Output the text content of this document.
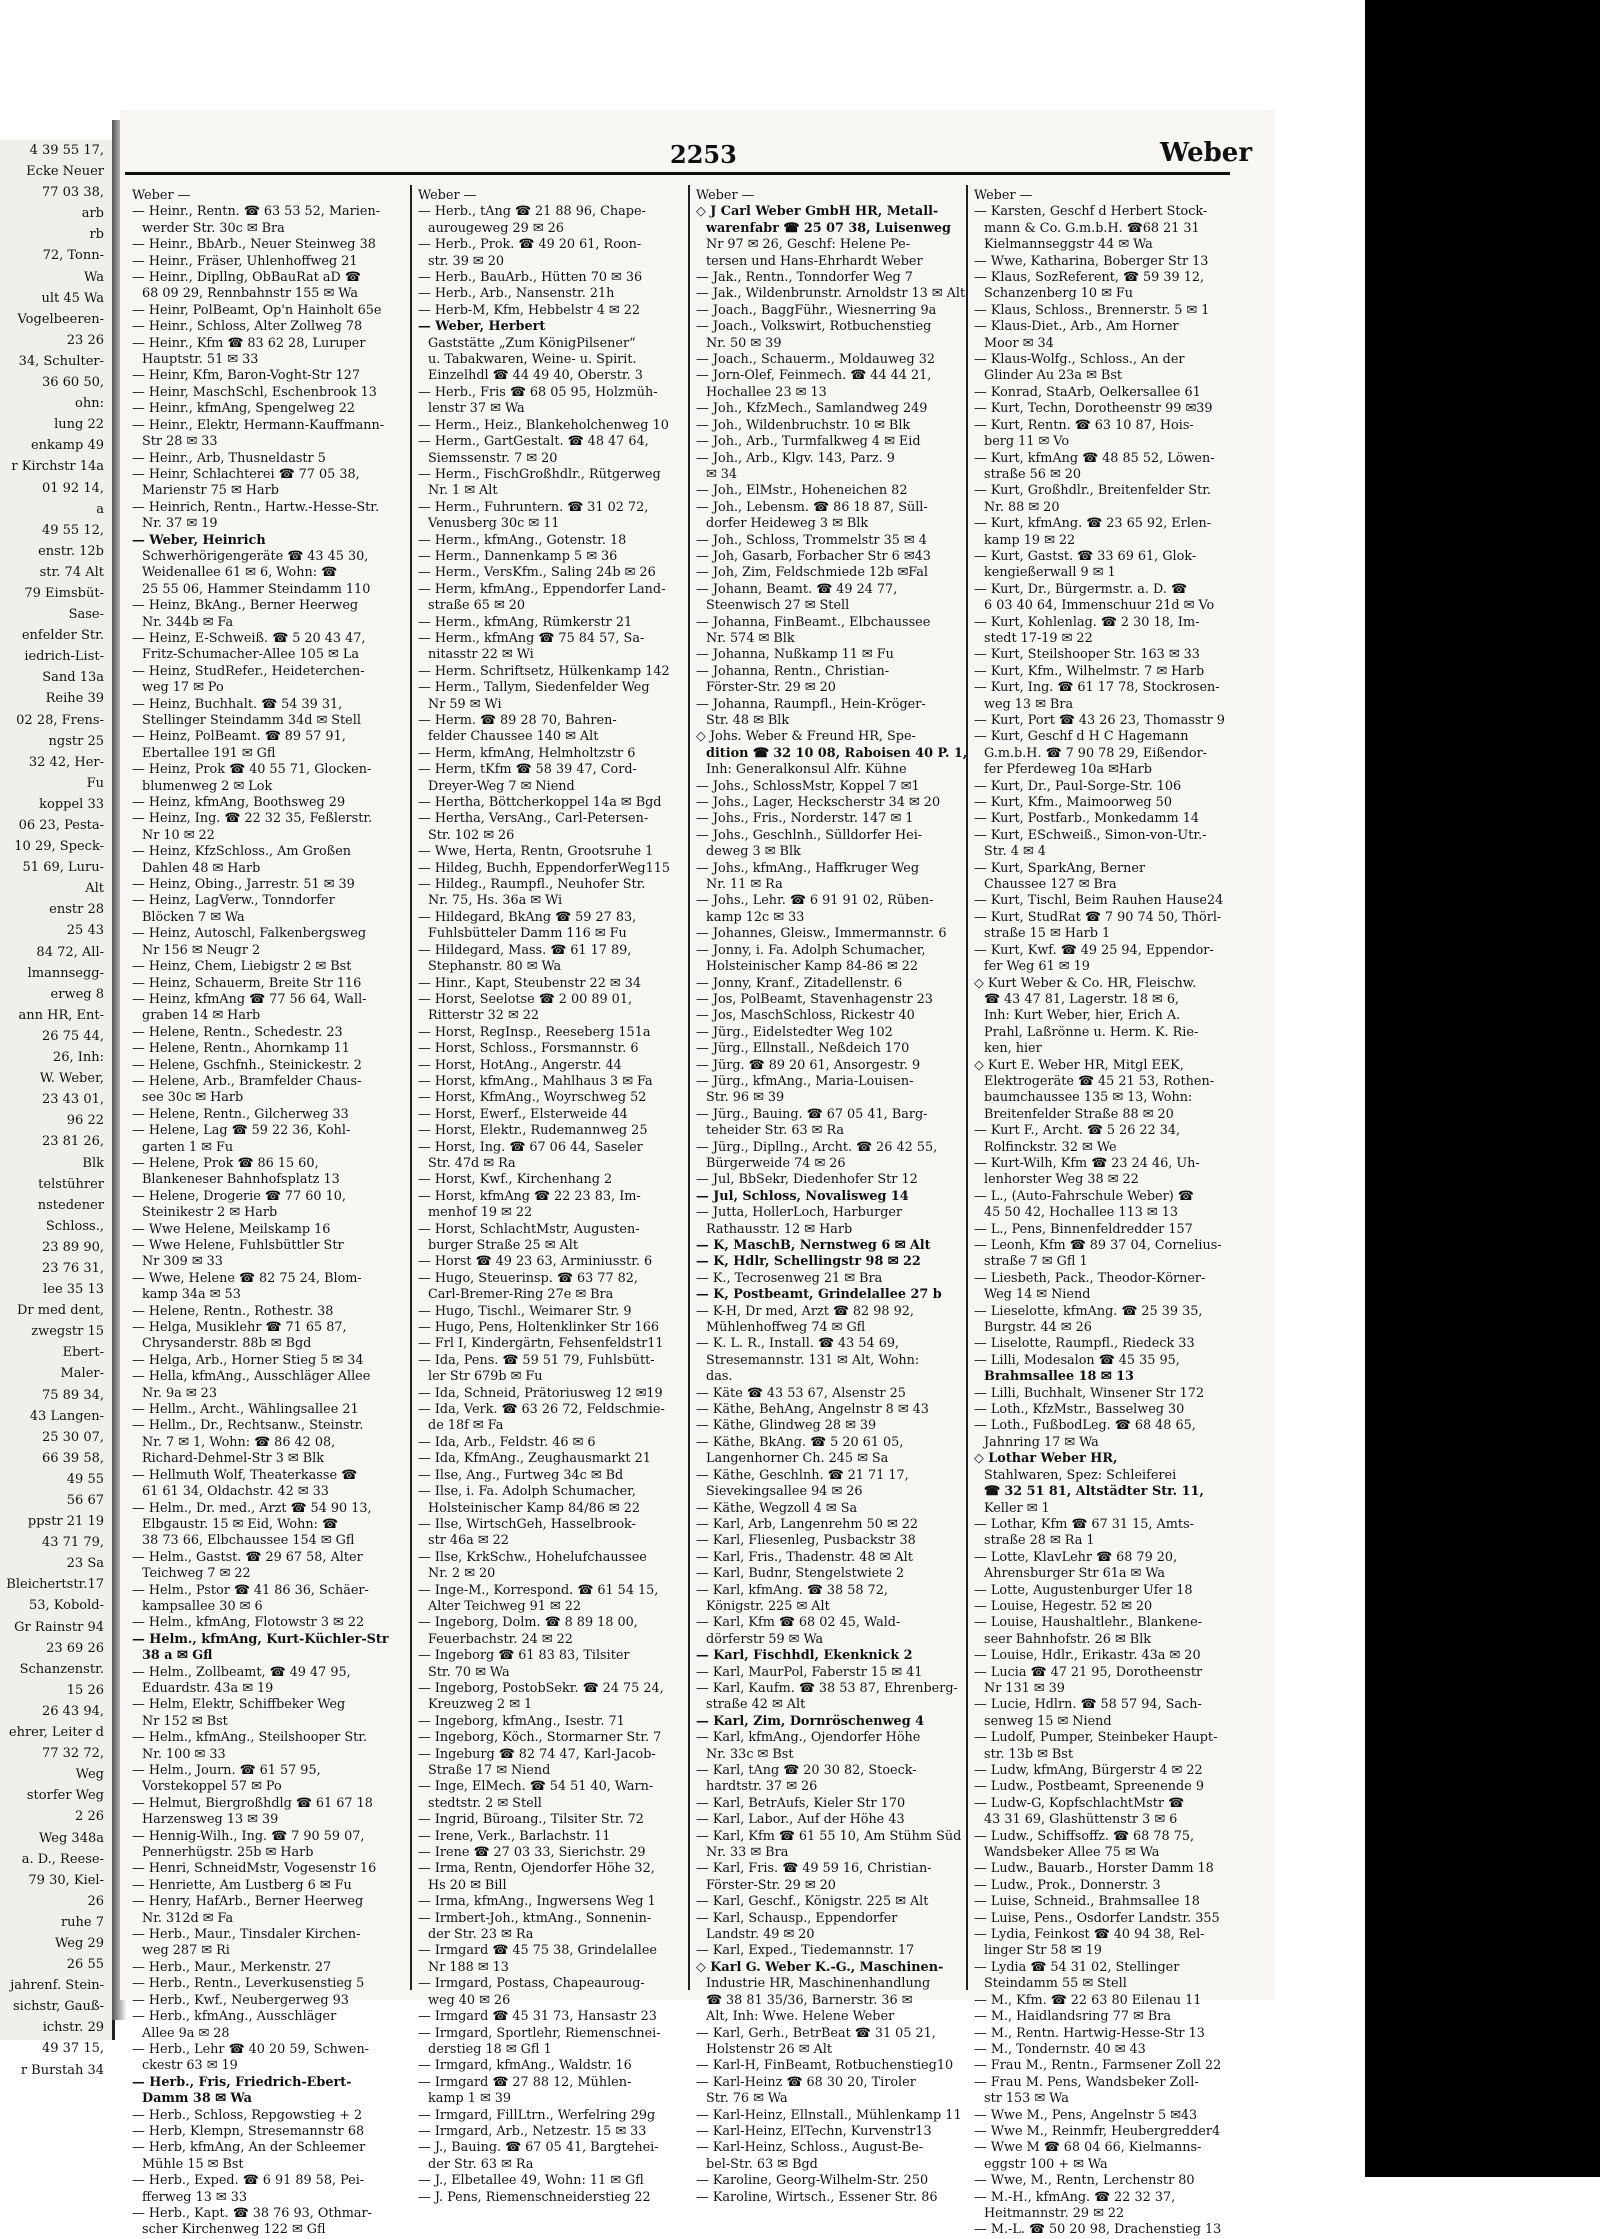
4 39 55 17,
Ecke Neuer
77 03 38,
arb
rb
72, Tonn-
Wa
ult 45 Wa
Vogelbeeren-
23 26
34, Schulter-
36 60 50,
ohn:
lung 22
enkamp 49
r Kirchstr 14a
01 92 14,
a
49 55 12,
enstr. 12b
str. 74 Alt
79 Eimsbüt-
Sase-
enfelder Str.
iedrich-List-
Sand 13a
Reihe 39
02 28, Frens-
ngstr 25
32 42, Her-
Fu
koppel 33
06 23, Pesta-
10 29, Speck-
51 69, Luru-
Alt
enstr 28
25 43
84 72, All-
lmannsegg-
erweg 8
ann HR, Ent-
26 75 44,
26, Inh:
W. Weber,
23 43 01,
96 22
23 81 26,
Blk
telstührer
nstedener
Schloss.,
23 89 90,
23 76 31,
lee 35 13
Dr med dent,
zwegstr 15
Ebert-
Maler-
75 89 34,
43 Langen-
25 30 07,
66 39 58,
49 55
56 67
ppstr 21 19
43 71 79,
23 Sa
Bleichertstr.17
53, Kobold-
Gr Rainstr 94
23 69 26
Schanzenstr.
15 26
26 43 94,
ehrer, Leiter d
77 32 72,
Weg
storfer Weg
2 26
Weg 348a
a. D., Reese-
79 30, Kiel-
26
ruhe 7
Weg 29
26 55
jahrenf. Stein-
sichstr, Gauß-
ichstr. 29
49 37 15,
r Burstah 34
2253	Weber
Weber —
— Heinr., Rentn. ☎ 63 53 52, Marien-
werder Str. 30c ✉ Bra
— Heinr., BbArb., Neuer Steinweg 38
— Heinr., Fräser, Uhlenhoffweg 21
— Heinr., Dipllng, ObBauRat aD ☎
68 09 29, Rennbahnstr 155 ✉ Wa
— Heinr, PolBeamt, Op'n Hainholt 65e
— Heinr., Schloss, Alter Zollweg 78
— Heinr., Kfm ☎ 83 62 28, Luruper
Hauptstr. 51 ✉ 33
— Heinr, Kfm, Baron-Voght-Str 127
— Heinr, MaschSchl, Eschenbrook 13
— Heinr., kfmAng, Spengelweg 22
— Heinr., Elektr, Hermann-Kauffmann-
Str 28 ✉ 33
— Heinr., Arb, Thusneldastr 5
— Heinr, Schlachterei ☎ 77 05 38,
Marienstr 75 ✉ Harb
— Heinrich, Rentn., Hartw.-Hesse-Str.
Nr. 37 ✉ 19
— Weber, Heinrich
Schwerhörigengeräte ☎ 43 45 30,
Weidenallee 61 ✉ 6, Wohn: ☎
25 55 06, Hammer Steindamm 110
— Heinz, BkAng., Berner Heerweg
Nr. 344b ✉ Fa
— Heinz, E-Schweiß. ☎ 5 20 43 47,
Fritz-Schumacher-Allee 105 ✉ La
— Heinz, StudRefer., Heideterchen-
weg 17 ✉ Po
— Heinz, Buchhalt. ☎ 54 39 31,
Stellinger Steindamm 34d ✉ Stell
— Heinz, PolBeamt. ☎ 89 57 91,
Ebertallee 191 ✉ Gfl
— Heinz, Prok ☎ 40 55 71, Glocken-
blumenweg 2 ✉ Lok
— Heinz, kfmAng, Boothsweg 29
— Heinz, Ing. ☎ 22 32 35, Feßlerstr.
Nr 10 ✉ 22
— Heinz, KfzSchloss., Am Großen
Dahlen 48 ✉ Harb
— Heinz, Obing., Jarrestr. 51 ✉ 39
— Heinz, LagVerw., Tonndorfer
Blöcken 7 ✉ Wa
— Heinz, Autoschl, Falkenbergsweg
Nr 156 ✉ Neugr 2
— Heinz, Chem, Liebigstr 2 ✉ Bst
— Heinz, Schauerm, Breite Str 116
— Heinz, kfmAng ☎ 77 56 64, Wall-
graben 14 ✉ Harb
— Helene, Rentn., Schedestr. 23
— Helene, Rentn., Ahornkamp 11
— Helene, Gschfnh., Steinickestr. 2
— Helene, Arb., Bramfelder Chaus-
see 30c ✉ Harb
— Helene, Rentn., Gilcherweg 33
— Helene, Lag ☎ 59 22 36, Kohl-
garten 1 ✉ Fu
— Helene, Prok ☎ 86 15 60,
Blankeneser Bahnhofsplatz 13
— Helene, Drogerie ☎ 77 60 10,
Steinikestr 2 ✉ Harb
— Wwe Helene, Meilskamp 16
— Wwe Helene, Fuhlsbüttler Str
Nr 309 ✉ 33
— Wwe, Helene ☎ 82 75 24, Blom-
kamp 34a ✉ 53
— Helene, Rentn., Rothestr. 38
— Helga, Musiklehr ☎ 71 65 87,
Chrysanderstr. 88b ✉ Bgd
— Helga, Arb., Horner Stieg 5 ✉ 34
— Hella, kfmAng., Ausschläger Allee
Nr. 9a ✉ 23
— Hellm., Archt., Wählingsallee 21
— Hellm., Dr., Rechtsanw., Steinstr.
Nr. 7 ✉ 1, Wohn: ☎ 86 42 08,
Richard-Dehmel-Str 3 ✉ Blk
— Hellmuth Wolf, Theaterkasse ☎
61 61 34, Oldachstr. 42 ✉ 33
— Helm., Dr. med., Arzt ☎ 54 90 13,
Elbgaustr. 15 ✉ Eid, Wohn: ☎
38 73 66, Elbchaussee 154 ✉ Gfl
— Helm., Gastst. ☎ 29 67 58, Alter
Teichweg 7 ✉ 22
— Helm., Pstor ☎ 41 86 36, Schäer-
kampsallee 30 ✉ 6
— Helm., kfmAng, Flotowstr 3 ✉ 22
— Helm., kfmAng, Kurt-Küchler-Str
38 a ✉ Gfl
— Helm., Zollbeamt, ☎ 49 47 95,
Eduardstr. 43a ✉ 19
— Helm, Elektr, Schiffbeker Weg
Nr 152 ✉ Bst
— Helm., kfmAng., Steilshooper Str.
Nr. 100 ✉ 33
— Helm., Journ. ☎ 61 57 95,
Vorstekoppel 57 ✉ Po
— Helmut, Biergroßhdlg ☎ 61 67 18
Harzensweg 13 ✉ 39
— Hennig-Wilh., Ing. ☎ 7 90 59 07,
Pennerhügstr. 25b ✉ Harb
— Henri, SchneidMstr, Vogesenstr 16
— Henriette, Am Lustberg 6 ✉ Fu
— Henry, HafArb., Berner Heerweg
Nr. 312d ✉ Fa
— Herb., Maur., Tinsdaler Kirchen-
weg 287 ✉ Ri
— Herb., Maur., Merkenstr. 27
— Herb., Rentn., Leverkusenstieg 5
— Herb., Kwf., Neubergerweg 93
— Herb., kfmAng., Ausschläger
Allee 9a ✉ 28
— Herb., Lehr ☎ 40 20 59, Schwen-
ckestr 63 ✉ 19
— Herb., Fris, Friedrich-Ebert-
Damm 38 ✉ Wa
— Herb., Schloss, Repgowstieg + 2
— Herb, Klempn, Stresemannstr 68
— Herb, kfmAng, An der Schleemer
Mühle 15 ✉ Bst
— Herb., Exped. ☎ 6 91 89 58, Pei-
fferweg 13 ✉ 33
— Herb., Kapt. ☎ 38 76 93, Othmar-
scher Kirchenweg 122 ✉ Gfl
Weber —
— Herb., tAng ☎ 21 88 96, Chape-
aurougeweg 29 ✉ 26
— Herb., Prok. ☎ 49 20 61, Roon-
str. 39 ✉ 20
— Herb., BauArb., Hütten 70 ✉ 36
— Herb., Arb., Nansenstr. 21h
— Herb-M, Kfm, Hebbelstr 4 ✉ 22
— Weber, Herbert
Gaststätte „Zum KönigPilsener“
u. Tabakwaren, Weine- u. Spirit.
Einzelhdl ☎ 44 49 40, Oberstr. 3
— Herb., Fris ☎ 68 05 95, Holzmüh-
lenstr 37 ✉ Wa
— Herm., Heiz., Blankeholchenweg 10
— Herm., GartGestalt. ☎ 48 47 64,
Siemssenstr. 7 ✉ 20
— Herm., FischGroßhdlr., Rütgerweg
Nr. 1 ✉ Alt
— Herm., Fuhruntern. ☎ 31 02 72,
Venusberg 30c ✉ 11
— Herm., kfmAng., Gotenstr. 18
— Herm., Dannenkamp 5 ✉ 36
— Herm., VersKfm., Saling 24b ✉ 26
— Herm, kfmAng., Eppendorfer Land-
straße 65 ✉ 20
— Herm., kfmAng, Rümkerstr 21
— Herm., kfmAng ☎ 75 84 57, Sa-
nitasstr 22 ✉ Wi
— Herm. Schriftsetz, Hülkenkamp 142
— Herm., Tallym, Siedenfelder Weg
Nr 59 ✉ Wi
— Herm. ☎ 89 28 70, Bahren-
felder Chaussee 140 ✉ Alt
— Herm, kfmAng, Helmholtzstr 6
— Herm, tKfm ☎ 58 39 47, Cord-
Dreyer-Weg 7 ✉ Niend
— Hertha, Böttcherkoppel 14a ✉ Bgd
— Hertha, VersAng., Carl-Petersen-
Str. 102 ✉ 26
— Wwe, Herta, Rentn, Grootsruhe 1
— Hildeg, Buchh, EppendorferWeg115
— Hildeg., Raumpfl., Neuhofer Str.
Nr. 75, Hs. 36a ✉ Wi
— Hildegard, BkAng ☎ 59 27 83,
Fuhlsbütteler Damm 116 ✉ Fu
— Hildegard, Mass. ☎ 61 17 89,
Stephanstr. 80 ✉ Wa
— Hinr., Kapt, Steubenstr 22 ✉ 34
— Horst, Seelotse ☎ 2 00 89 01,
Ritterstr 32 ✉ 22
— Horst, RegInsp., Reeseberg 151a
— Horst, Schloss., Forsmannstr. 6
— Horst, HotAng., Angerstr. 44
— Horst, kfmAng., Mahlhaus 3 ✉ Fa
— Horst, KfmAng., Woyrschweg 52
— Horst, Ewerf., Elsterweide 44
— Horst, Elektr., Rudemannweg 25
— Horst, Ing. ☎ 67 06 44, Saseler
Str. 47d ✉ Ra
— Horst, Kwf., Kirchenhang 2
— Horst, kfmAng ☎ 22 23 83, Im-
menhof 19 ✉ 22
— Horst, SchlachtMstr, Augusten-
burger Straße 25 ✉ Alt
— Horst ☎ 49 23 63, Arminiusstr. 6
— Hugo, Steuerinsp. ☎ 63 77 82,
Carl-Bremer-Ring 27e ✉ Bra
— Hugo, Tischl., Weimarer Str. 9
— Hugo, Pens, Holtenklinker Str 166
— Frl I, Kindergärtn, Fehsenfeldstr11
— Ida, Pens. ☎ 59 51 79, Fuhlsbütt-
ler Str 679b ✉ Fu
— Ida, Schneid, Prätoriusweg 12 ✉19
— Ida, Verk. ☎ 63 26 72, Feldschmie-
de 18f ✉ Fa
— Ida, Arb., Feldstr. 46 ✉ 6
— Ida, KfmAng., Zeughausmarkt 21
— Ilse, Ang., Furtweg 34c ✉ Bd
— Ilse, i. Fa. Adolph Schumacher,
Holsteinischer Kamp 84/86 ✉ 22
— Ilse, WirtschGeh, Hasselbrook-
str 46a ✉ 22
— Ilse, KrkSchw., Hohelufchaussee
Nr. 2 ✉ 20
— Inge-M., Korrespond. ☎ 61 54 15,
Alter Teichweg 91 ✉ 22
— Ingeborg, Dolm. ☎ 8 89 18 00,
Feuerbachstr. 24 ✉ 22
— Ingeborg ☎ 61 83 83, Tilsiter
Str. 70 ✉ Wa
— Ingeborg, PostobSekr. ☎ 24 75 24,
Kreuzweg 2 ✉ 1
— Ingeborg, kfmAng., Isestr. 71
— Ingeborg, Köch., Stormarner Str. 7
— Ingeburg ☎ 82 74 47, Karl-Jacob-
Straße 17 ✉ Niend
— Inge, ElMech. ☎ 54 51 40, Warn-
stedtstr. 2 ✉ Stell
— Ingrid, Büroang., Tilsiter Str. 72
— Irene, Verk., Barlachstr. 11
— Irene ☎ 27 03 33, Sierichstr. 29
— Irma, Rentn, Ojendorfer Höhe 32,
Hs 20 ✉ Bill
— Irma, kfmAng., Ingwersens Weg 1
— Irmbert-Joh., ktmAng., Sonnenin-
der Str. 23 ✉ Ra
— Irmgard ☎ 45 75 38, Grindelallee
Nr 188 ✉ 13
— Irmgard, Postass, Chapeauroug-
weg 40 ✉ 26
— Irmgard ☎ 45 31 73, Hansastr 23
— Irmgard, Sportlehr, Riemenschnei-
derstieg 18 ✉ Gfl 1
— Irmgard, kfmAng., Waldstr. 16
— Irmgard ☎ 27 88 12, Mühlen-
kamp 1 ✉ 39
— Irmgard, FillLtrn., Werfelring 29g
— Irmgard, Arb., Netzestr. 15 ✉ 33
— J., Bauing. ☎ 67 05 41, Bargtehei-
der Str. 63 ✉ Ra
— J., Elbetallee 49, Wohn: 11 ✉ Gfl
— J. Pens, Riemenschneiderstieg 22
Weber —
◇ J Carl Weber GmbH HR, Metall-
warenfabr ☎ 25 07 38, Luisenweg
Nr 97 ✉ 26, Geschf: Helene Pe-
tersen und Hans-Ehrhardt Weber
— Jak., Rentn., Tonndorfer Weg 7
— Jak., Wildenbrunstr. Arnoldstr 13 ✉ Alt
— Joach., BaggFühr., Wiesnerring 9a
— Joach., Volkswirt, Rotbuchenstieg
Nr. 50 ✉ 39
— Joach., Schauerm., Moldauweg 32
— Jorn-Olef, Feinmech. ☎ 44 44 21,
Hochallee 23 ✉ 13
— Joh., KfzMech., Samlandweg 249
— Joh., Wildenbruchstr. 10 ✉ Blk
— Joh., Arb., Turmfalkweg 4 ✉ Eid
— Joh., Arb., Klgv. 143, Parz. 9
✉ 34
— Joh., ElMstr., Hoheneichen 82
— Joh., Lebensm. ☎ 86 18 87, Süll-
dorfer Heideweg 3 ✉ Blk
— Joh., Schloss, Trommelstr 35 ✉ 4
— Joh, Gasarb, Forbacher Str 6 ✉43
— Joh, Zim, Feldschmiede 12b ✉Fal
— Johann, Beamt. ☎ 49 24 77,
Steenwisch 27 ✉ Stell
— Johanna, FinBeamt., Elbchaussee
Nr. 574 ✉ Blk
— Johanna, Nußkamp 11 ✉ Fu
— Johanna, Rentn., Christian-
Förster-Str. 29 ✉ 20
— Johanna, Raumpfl., Hein-Kröger-
Str. 48 ✉ Blk
◇ Johs. Weber & Freund HR, Spe-
dition ☎ 32 10 08, Raboisen 40 P. 1,
Inh: Generalkonsul Alfr. Kühne
— Johs., SchlossMstr, Koppel 7 ✉1
— Johs., Lager, Heckscherstr 34 ✉ 20
— Johs., Fris., Norderstr. 147 ✉ 1
— Johs., Geschlnh., Sülldorfer Hei-
deweg 3 ✉ Blk
— Johs., kfmAng., Haffkruger Weg
Nr. 11 ✉ Ra
— Johs., Lehr. ☎ 6 91 91 02, Rüben-
kamp 12c ✉ 33
— Johannes, Gleisw., Immermannstr. 6
— Jonny, i. Fa. Adolph Schumacher,
Holsteinischer Kamp 84-86 ✉ 22
— Jonny, Kranf., Zitadellenstr. 6
— Jos, PolBeamt, Stavenhagenstr 23
— Jos, MaschSchloss, Rickestr 40
— Jürg., Eidelstedter Weg 102
— Jürg., Ellnstall., Neßdeich 170
— Jürg. ☎ 89 20 61, Ansorgestr. 9
— Jürg., kfmAng., Maria-Louisen-
Str. 96 ✉ 39
— Jürg., Bauing. ☎ 67 05 41, Barg-
teheider Str. 63 ✉ Ra
— Jürg., Dipllng., Archt. ☎ 26 42 55,
Bürgerweide 74 ✉ 26
— Jul, BbSekr, Diedenhofer Str 12
— Jul, Schloss, Novalisweg 14
— Jutta, HollerLoch, Harburger
Rathausstr. 12 ✉ Harb
— K, MaschB, Nernstweg 6 ✉ Alt
— K, Hdlr, Schellingstr 98 ✉ 22
— K., Tecrosenweg 21 ✉ Bra
— K, Postbeamt, Grindelallee 27 b
— K-H, Dr med, Arzt ☎ 82 98 92,
Mühlenhoffweg 74 ✉ Gfl
— K. L. R., Install. ☎ 43 54 69,
Stresemannstr. 131 ✉ Alt, Wohn:
das.
— Käte ☎ 43 53 67, Alsenstr 25
— Käthe, BehAng, Angelnstr 8 ✉ 43
— Käthe, Glindweg 28 ✉ 39
— Käthe, BkAng. ☎ 5 20 61 05,
Langenhorner Ch. 245 ✉ Sa
— Käthe, Geschlnh. ☎ 21 71 17,
Sievekingsallee 94 ✉ 26
— Käthe, Wegzoll 4 ✉ Sa
— Karl, Arb, Langenrehm 50 ✉ 22
— Karl, Fliesenleg, Pusbackstr 38
— Karl, Fris., Thadenstr. 48 ✉ Alt
— Karl, Budnr, Stengelstwiete 2
— Karl, kfmAng. ☎ 38 58 72,
Königstr. 225 ✉ Alt
— Karl, Kfm ☎ 68 02 45, Wald-
dörferstr 59 ✉ Wa
— Karl, Fischhdl, Ekenknick 2
— Karl, MaurPol, Faberstr 15 ✉ 41
— Karl, Kaufm. ☎ 38 53 87, Ehrenberg-
straße 42 ✉ Alt
— Karl, Zim, Dornröschenweg 4
— Karl, kfmAng., Ojendorfer Höhe
Nr. 33c ✉ Bst
— Karl, tAng ☎ 20 30 82, Stoeck-
hardtstr. 37 ✉ 26
— Karl, BetrAufs, Kieler Str 170
— Karl, Labor., Auf der Höhe 43
— Karl, Kfm ☎ 61 55 10, Am Stühm Süd
Nr. 33 ✉ Bra
— Karl, Fris. ☎ 49 59 16, Christian-
Förster-Str. 29 ✉ 20
— Karl, Geschf., Königstr. 225 ✉ Alt
— Karl, Schausp., Eppendorfer
Landstr. 49 ✉ 20
— Karl, Exped., Tiedemannstr. 17
◇ Karl G. Weber K.-G., Maschinen-
Industrie HR, Maschinenhandlung
☎ 38 81 35/36, Barnerstr. 36 ✉
Alt, Inh: Wwe. Helene Weber
— Karl, Gerh., BetrBeat ☎ 31 05 21,
Holstenstr 26 ✉ Alt
— Karl-H, FinBeamt, Rotbuchenstieg10
— Karl-Heinz ☎ 68 30 20, Tiroler
Str. 76 ✉ Wa
— Karl-Heinz, Ellnstall., Mühlenkamp 11
— Karl-Heinz, ElTechn, Kurvenstr13
— Karl-Heinz, Schloss., August-Be-
bel-Str. 63 ✉ Bgd
— Karoline, Georg-Wilhelm-Str. 250
— Karoline, Wirtsch., Essener Str. 86
Weber —
— Karsten, Geschf d Herbert Stock-
mann & Co. G.m.b.H. ☎68 21 31
Kielmannseggstr 44 ✉ Wa
— Wwe, Katharina, Boberger Str 13
— Klaus, SozReferent, ☎ 59 39 12,
Schanzenberg 10 ✉ Fu
— Klaus, Schloss., Brennerstr. 5 ✉ 1
— Klaus-Diet., Arb., Am Horner
Moor ✉ 34
— Klaus-Wolfg., Schloss., An der
Glinder Au 23a ✉ Bst
— Konrad, StaArb, Oelkersallee 61
— Kurt, Techn, Dorotheenstr 99 ✉39
— Kurt, Rentn. ☎ 63 10 87, Hois-
berg 11 ✉ Vo
— Kurt, kfmAng ☎ 48 85 52, Löwen-
straße 56 ✉ 20
— Kurt, Großhdlr., Breitenfelder Str.
Nr. 88 ✉ 20
— Kurt, kfmAng. ☎ 23 65 92, Erlen-
kamp 19 ✉ 22
— Kurt, Gastst. ☎ 33 69 61, Glok-
kengießerwall 9 ✉ 1
— Kurt, Dr., Bürgermstr. a. D. ☎
6 03 40 64, Immenschuur 21d ✉ Vo
— Kurt, Kohlenlag. ☎ 2 30 18, Im-
stedt 17-19 ✉ 22
— Kurt, Steilshooper Str. 163 ✉ 33
— Kurt, Kfm., Wilhelmstr. 7 ✉ Harb
— Kurt, Ing. ☎ 61 17 78, Stockrosen-
weg 13 ✉ Bra
— Kurt, Port ☎ 43 26 23, Thomasstr 9
— Kurt, Geschf d H C Hagemann
G.m.b.H. ☎ 7 90 78 29, Eißendor-
fer Pferdeweg 10a ✉Harb
— Kurt, Dr., Paul-Sorge-Str. 106
— Kurt, Kfm., Maimoorweg 50
— Kurt, Postfarb., Monkedamm 14
— Kurt, ESchweiß., Simon-von-Utr.-
Str. 4 ✉ 4
— Kurt, SparkAng, Berner
Chaussee 127 ✉ Bra
— Kurt, Tischl, Beim Rauhen Hause24
— Kurt, StudRat ☎ 7 90 74 50, Thörl-
straße 15 ✉ Harb 1
— Kurt, Kwf. ☎ 49 25 94, Eppendor-
fer Weg 61 ✉ 19
◇ Kurt Weber & Co. HR, Fleischw.
☎ 43 47 81, Lagerstr. 18 ✉ 6,
Inh: Kurt Weber, hier, Erich A.
Prahl, Laßrönne u. Herm. K. Rie-
ken, hier
◇ Kurt E. Weber HR, Mitgl EEK,
Elektrogeräte ☎ 45 21 53, Rothen-
baumchaussee 135 ✉ 13, Wohn:
Breitenfelder Straße 88 ✉ 20
— Kurt F., Archt. ☎ 5 26 22 34,
Rolfinckstr. 32 ✉ We
— Kurt-Wilh, Kfm ☎ 23 24 46, Uh-
lenhorster Weg 38 ✉ 22
— L., (Auto-Fahrschule Weber) ☎
45 50 42, Hochallee 113 ✉ 13
— L., Pens, Binnenfeldredder 157
— Leonh, Kfm ☎ 89 37 04, Cornelius-
straße 7 ✉ Gfl 1
— Liesbeth, Pack., Theodor-Körner-
Weg 14 ✉ Niend
— Lieselotte, kfmAng. ☎ 25 39 35,
Burgstr. 44 ✉ 26
— Liselotte, Raumpfl., Riedeck 33
— Lilli, Modesalon ☎ 45 35 95,
Brahmsallee 18 ✉ 13
— Lilli, Buchhalt, Winsener Str 172
— Loth., KfzMstr., Basselweg 30
— Loth., FußbodLeg. ☎ 68 48 65,
Jahnring 17 ✉ Wa
◇ Lothar Weber HR,
Stahlwaren, Spez: Schleiferei
☎ 32 51 81, Altstädter Str. 11,
Keller ✉ 1
— Lothar, Kfm ☎ 67 31 15, Amts-
straße 28 ✉ Ra 1
— Lotte, KlavLehr ☎ 68 79 20,
Ahrensburger Str 61a ✉ Wa
— Lotte, Augustenburger Ufer 18
— Louise, Hegestr. 52 ✉ 20
— Louise, Haushaltlehr., Blankene-
seer Bahnhofstr. 26 ✉ Blk
— Louise, Hdlr., Erikastr. 43a ✉ 20
— Lucia ☎ 47 21 95, Dorotheenstr
Nr 131 ✉ 39
— Lucie, Hdlrn. ☎ 58 57 94, Sach-
senweg 15 ✉ Niend
— Ludolf, Pumper, Steinbeker Haupt-
str. 13b ✉ Bst
— Ludw, kfmAng, Bürgerstr 4 ✉ 22
— Ludw., Postbeamt, Spreenende 9
— Ludw-G, KopfschlachtMstr ☎
43 31 69, Glashüttenstr 3 ✉ 6
— Ludw., Schiffsoffz. ☎ 68 78 75,
Wandsbeker Allee 75 ✉ Wa
— Ludw., Bauarb., Horster Damm 18
— Ludw., Prok., Donnerstr. 3
— Luise, Schneid., Brahmsallee 18
— Luise, Pens., Osdorfer Landstr. 355
— Lydia, Feinkost ☎ 40 94 38, Rel-
linger Str 58 ✉ 19
— Lydia ☎ 54 31 02, Stellinger
Steindamm 55 ✉ Stell
— M., Kfm. ☎ 22 63 80 Eilenau 11
— M., Haidlandsring 77 ✉ Bra
— M., Rentn. Hartwig-Hesse-Str 13
— M., Tondernstr. 40 ✉ 43
— Frau M., Rentn., Farmsener Zoll 22
— Frau M. Pens, Wandsbeker Zoll-
str 153 ✉ Wa
— Wwe M., Pens, Angelnstr 5 ✉43
— Wwe M., Reinmfr, Heubergredder4
— Wwe M ☎ 68 04 66, Kielmanns-
eggstr 100 + ✉ Wa
— Wwe, M., Rentn, Lerchenstr 80
— M.-H., kfmAng. ☎ 22 32 37,
Heitmannstr. 29 ✉ 22
— M.-L. ☎ 50 20 98, Drachenstieg 13
